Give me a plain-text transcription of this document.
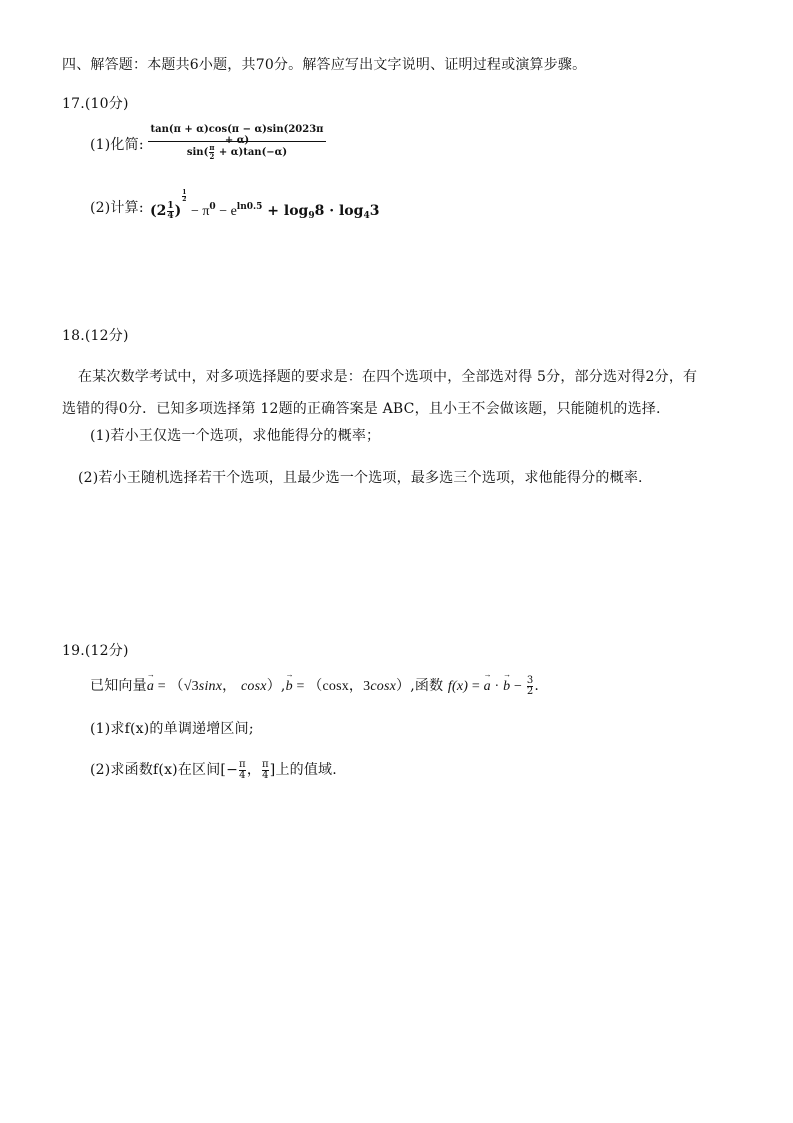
四、解答题：本题共6小题，共70分。解答应写出文字说明、证明过程或演算步骤。
17.(10分)
(1)化简:
tan(π + α)cos(π − α)sin(2023π + α)
$\sin( \frac{\pi}{2} + \alpha)\tan(-\alpha)$
(2)计算: ($2 \frac{1}{4}$ )
$\frac{1}{2}$
− $\pi^0 - e^{ln0.5} + \log_98 \cdot \log_43$
18.(12分)
在某次数学考试中，对多项选择题的要求是：在四个选项中，全部选对得 5分，部分选对得2分，有
选错的得0分．已知多项选择第 12题的正确答案是 ABC，且小王不会做该题，只能随机的选择.
(1)若小王仅选一个选项，求他能得分的概率；
(2)若小王随机选择若干个选项，且最少选一个选项，最多选三个选项，求他能得分的概率.
19.(12分)
已知向量→ a = （√3sinx， cosx）,→ b = （cosx，3cosx）,函数 f(x) = → a · → $b - \frac{3}{2}$ .
(1)求f(x)的单调递增区间;
(2)求函数f(x)在区间[− $\frac{\pi}{4}$ ， $\frac{\pi}{4}$ ]上的值域.
